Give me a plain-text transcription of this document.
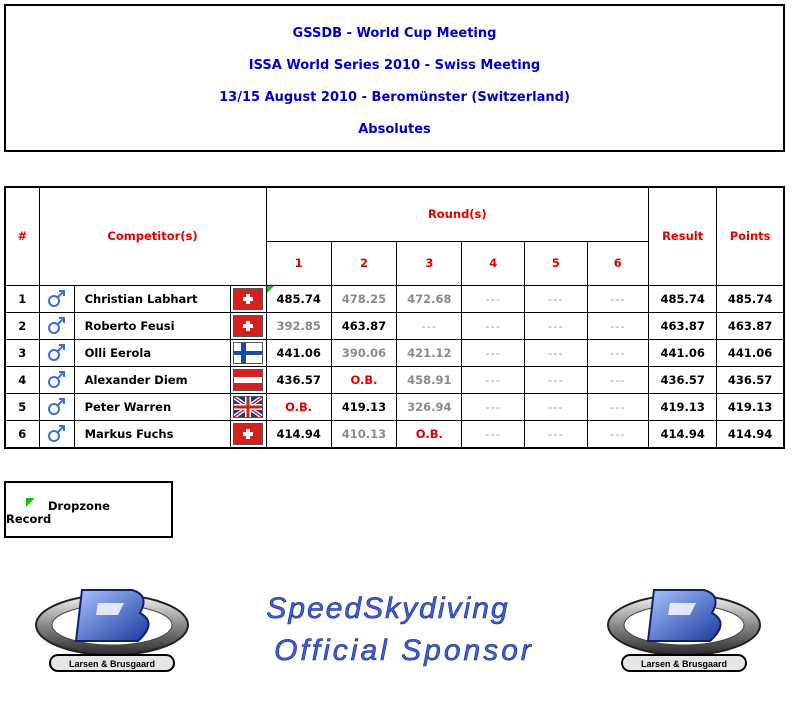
GSSDB - World Cup Meeting
ISSA World Series 2010 - Swiss Meeting
13/15 August 2010 - Beromünster (Switzerland)
Absolutes
#	Competitor(s)			Round(s)						Result	Points
				1	2	3	4	5	6		
1		Christian Labhart		485.74	478.25	472.68	---	---	---	485.74	485.74
2		Roberto Feusi		392.85	463.87	---	---	---	---	463.87	463.87
3		Olli Eerola		441.06	390.06	421.12	---	---	---	441.06	441.06
4		Alexander Diem		436.57	O.B.	458.91	---	---	---	436.57	436.57
5		Peter Warren		O.B.	419.13	326.94	---	---	---	419.13	419.13
6		Markus Fuchs		414.94	410.13	O.B.	---	---	---	414.94	414.94
Dropzone
Record
Larsen & Brusgaard
SpeedSkydiving
Official Sponsor	Larsen & Brusgaard
